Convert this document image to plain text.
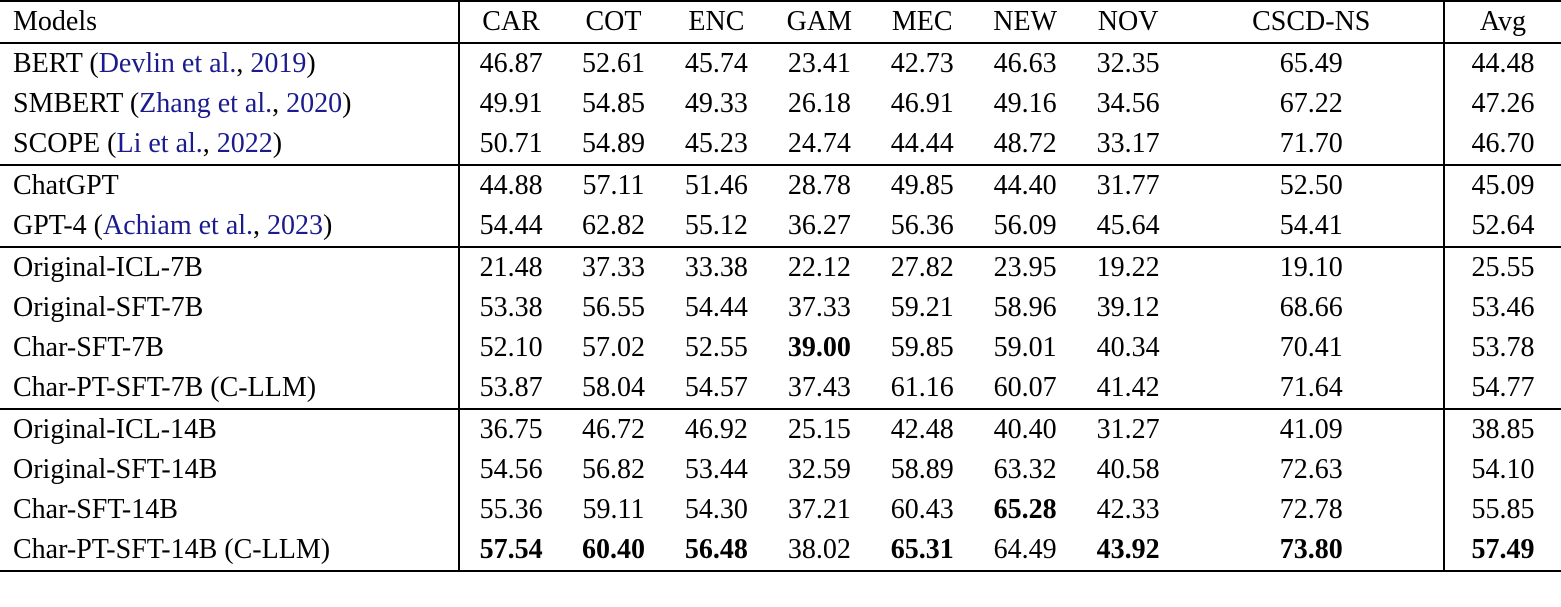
Models	CAR	COT	ENC	GAM	MEC	NEW	NOV	CSCD-NS	Avg
BERT (Devlin et al., 2019)	46.87	52.61	45.74	23.41	42.73	46.63	32.35	65.49	44.48
SMBERT (Zhang et al., 2020)	49.91	54.85	49.33	26.18	46.91	49.16	34.56	67.22	47.26
SCOPE (Li et al., 2022)	50.71	54.89	45.23	24.74	44.44	48.72	33.17	71.70	46.70
ChatGPT	44.88	57.11	51.46	28.78	49.85	44.40	31.77	52.50	45.09
GPT-4 (Achiam et al., 2023)	54.44	62.82	55.12	36.27	56.36	56.09	45.64	54.41	52.64
Original-ICL-7B	21.48	37.33	33.38	22.12	27.82	23.95	19.22	19.10	25.55
Original-SFT-7B	53.38	56.55	54.44	37.33	59.21	58.96	39.12	68.66	53.46
Char-SFT-7B	52.10	57.02	52.55	39.00	59.85	59.01	40.34	70.41	53.78
Char-PT-SFT-7B (C-LLM)	53.87	58.04	54.57	37.43	61.16	60.07	41.42	71.64	54.77
Original-ICL-14B	36.75	46.72	46.92	25.15	42.48	40.40	31.27	41.09	38.85
Original-SFT-14B	54.56	56.82	53.44	32.59	58.89	63.32	40.58	72.63	54.10
Char-SFT-14B	55.36	59.11	54.30	37.21	60.43	65.28	42.33	72.78	55.85
Char-PT-SFT-14B (C-LLM)	57.54	60.40	56.48	38.02	65.31	64.49	43.92	73.80	57.49
